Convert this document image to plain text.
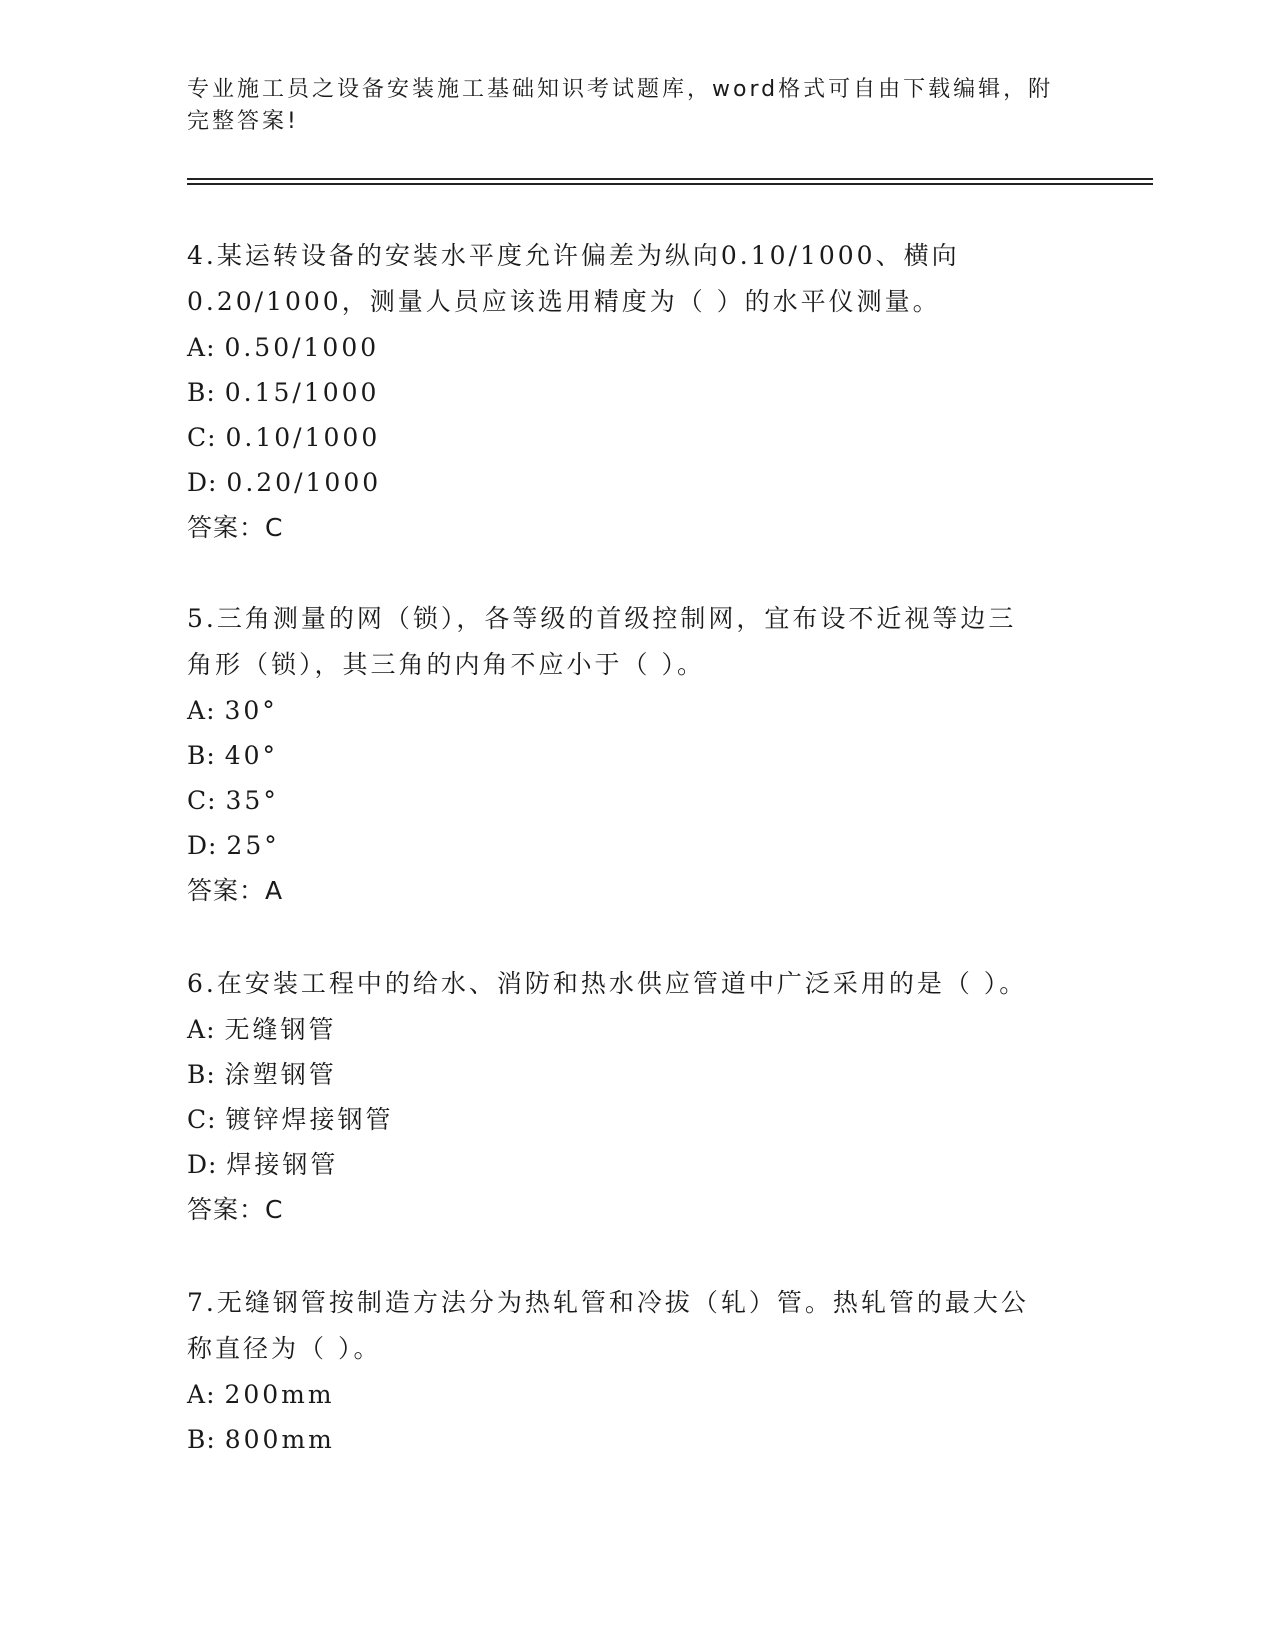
专业施工员之设备安装施工基础知识考试题库，word格式可自由下载编辑，附完整答案!
4.某运转设备的安装水平度允许偏差为纵向0.10/1000、横向
0.20/1000，测量人员应该选用精度为（ ）的水平仪测量。
A: 0.50/1000
B: 0.15/1000
C: 0.10/1000
D: 0.20/1000
答案：C
5.三角测量的网（锁），各等级的首级控制网，宜布设不近视等边三
角形（锁），其三角的内角不应小于（ ）。
A: 30°
B: 40°
C: 35°
D: 25°
答案：A
6.在安装工程中的给水、消防和热水供应管道中广泛采用的是（ ）。
A: 无缝钢管
B: 涂塑钢管
C: 镀锌焊接钢管
D: 焊接钢管
答案：C
7.无缝钢管按制造方法分为热轧管和冷拔（轧）管。热轧管的最大公
称直径为（ ）。
A: 200mm
B: 800mm
